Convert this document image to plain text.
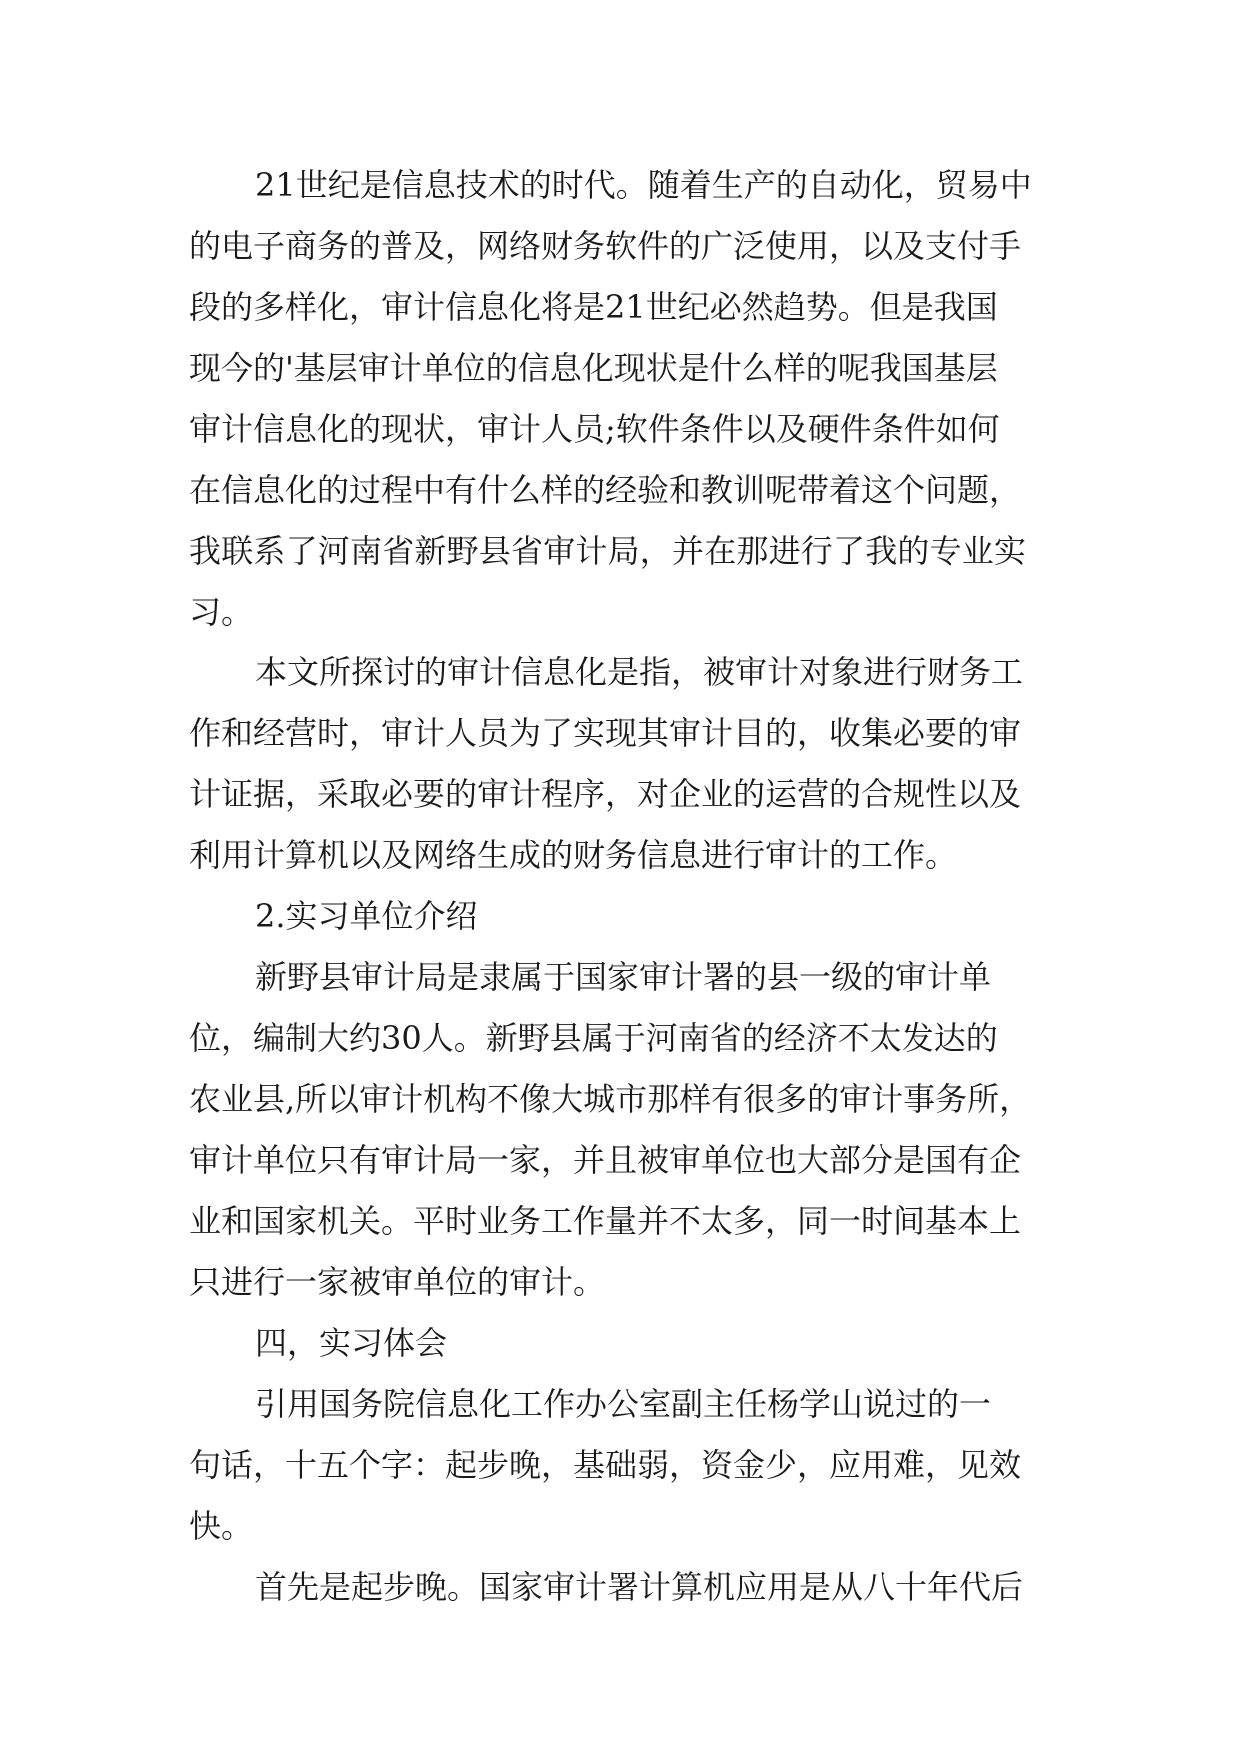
21世纪是信息技术的时代。随着生产的自动化，贸易中
的电子商务的普及，网络财务软件的广泛使用，以及支付手
段的多样化，审计信息化将是21世纪必然趋势。但是我国
现今的'基层审计单位的信息化现状是什么样的呢我国基层
审计信息化的现状，审计人员;软件条件以及硬件条件如何
在信息化的过程中有什么样的经验和教训呢带着这个问题，
我联系了河南省新野县省审计局，并在那进行了我的专业实
习。
本文所探讨的审计信息化是指，被审计对象进行财务工
作和经营时，审计人员为了实现其审计目的，收集必要的审
计证据，采取必要的审计程序，对企业的运营的合规性以及
利用计算机以及网络生成的财务信息进行审计的工作。
2.实习单位介绍
新野县审计局是隶属于国家审计署的县一级的审计单
位，编制大约30人。新野县属于河南省的经济不太发达的
农业县,所以审计机构不像大城市那样有很多的审计事务所，
审计单位只有审计局一家，并且被审单位也大部分是国有企
业和国家机关。平时业务工作量并不太多，同一时间基本上
只进行一家被审单位的审计。
四，实习体会
引用国务院信息化工作办公室副主任杨学山说过的一
句话，十五个字：起步晚，基础弱，资金少，应用难，见效
快。
首先是起步晚。国家审计署计算机应用是从八十年代后
